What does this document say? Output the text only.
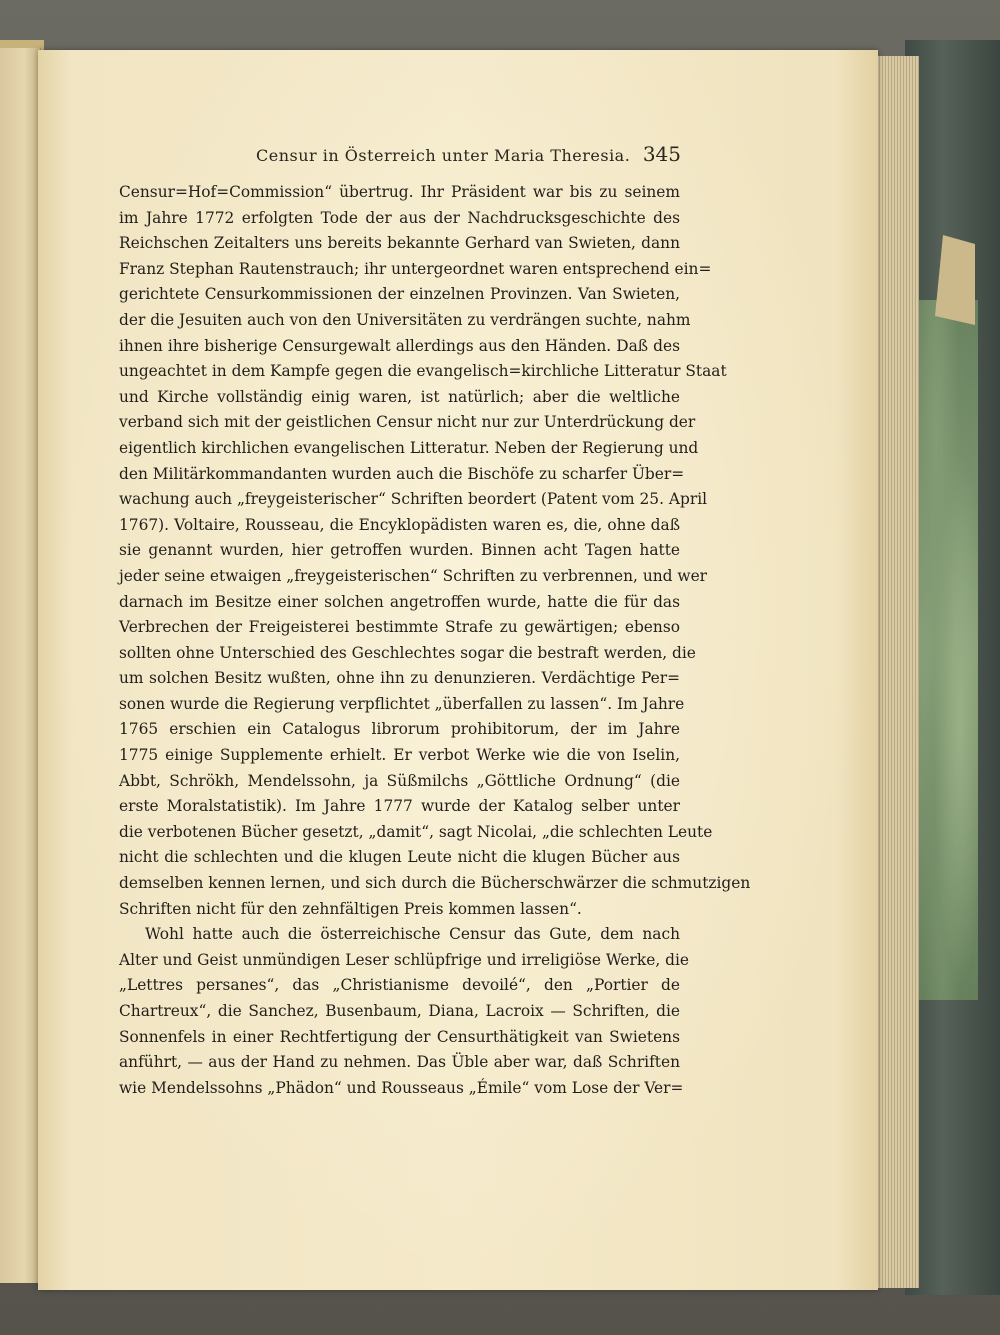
Censur in Österreich unter Maria Theresia. 345
Censur=Hof=Commission“ übertrug. Ihr Präsident war bis zu seinem
im Jahre 1772 erfolgten Tode der aus der Nachdrucksgeschichte des
Reichschen Zeitalters uns bereits bekannte Gerhard van Swieten, dann
Franz Stephan Rautenstrauch; ihr untergeordnet waren entsprechend ein=
gerichtete Censurkommissionen der einzelnen Provinzen. Van Swieten,
der die Jesuiten auch von den Universitäten zu verdrängen suchte, nahm
ihnen ihre bisherige Censurgewalt allerdings aus den Händen. Daß des
ungeachtet in dem Kampfe gegen die evangelisch=kirchliche Litteratur Staat
und Kirche vollständig einig waren, ist natürlich; aber die weltliche
verband sich mit der geistlichen Censur nicht nur zur Unterdrückung der
eigentlich kirchlichen evangelischen Litteratur. Neben der Regierung und
den Militärkommandanten wurden auch die Bischöfe zu scharfer Über=
wachung auch „freygeisterischer“ Schriften beordert (Patent vom 25. April
1767). Voltaire, Rousseau, die Encyklopädisten waren es, die, ohne daß
sie genannt wurden, hier getroffen wurden. Binnen acht Tagen hatte
jeder seine etwaigen „freygeisterischen“ Schriften zu verbrennen, und wer
darnach im Besitze einer solchen angetroffen wurde, hatte die für das
Verbrechen der Freigeisterei bestimmte Strafe zu gewärtigen; ebenso
sollten ohne Unterschied des Geschlechtes sogar die bestraft werden, die
um solchen Besitz wußten, ohne ihn zu denunzieren. Verdächtige Per=
sonen wurde die Regierung verpflichtet „überfallen zu lassen“. Im Jahre
1765 erschien ein Catalogus librorum prohibitorum, der im Jahre
1775 einige Supplemente erhielt. Er verbot Werke wie die von Iselin,
Abbt, Schrökh, Mendelssohn, ja Süßmilchs „Göttliche Ordnung“ (die
erste Moralstatistik). Im Jahre 1777 wurde der Katalog selber unter
die verbotenen Bücher gesetzt, „damit“, sagt Nicolai, „die schlechten Leute
nicht die schlechten und die klugen Leute nicht die klugen Bücher aus
demselben kennen lernen, und sich durch die Bücherschwärzer die schmutzigen
Schriften nicht für den zehnfältigen Preis kommen lassen“.
Wohl hatte auch die österreichische Censur das Gute, dem nach
Alter und Geist unmündigen Leser schlüpfrige und irreligiöse Werke, die
„Lettres persanes“, das „Christianisme devoilé“, den „Portier de
Chartreux“, die Sanchez, Busenbaum, Diana, Lacroix — Schriften, die
Sonnenfels in einer Rechtfertigung der Censurthätigkeit van Swietens
anführt, — aus der Hand zu nehmen. Das Üble aber war, daß Schriften
wie Mendelssohns „Phädon“ und Rousseaus „Émile“ vom Lose der Ver=
